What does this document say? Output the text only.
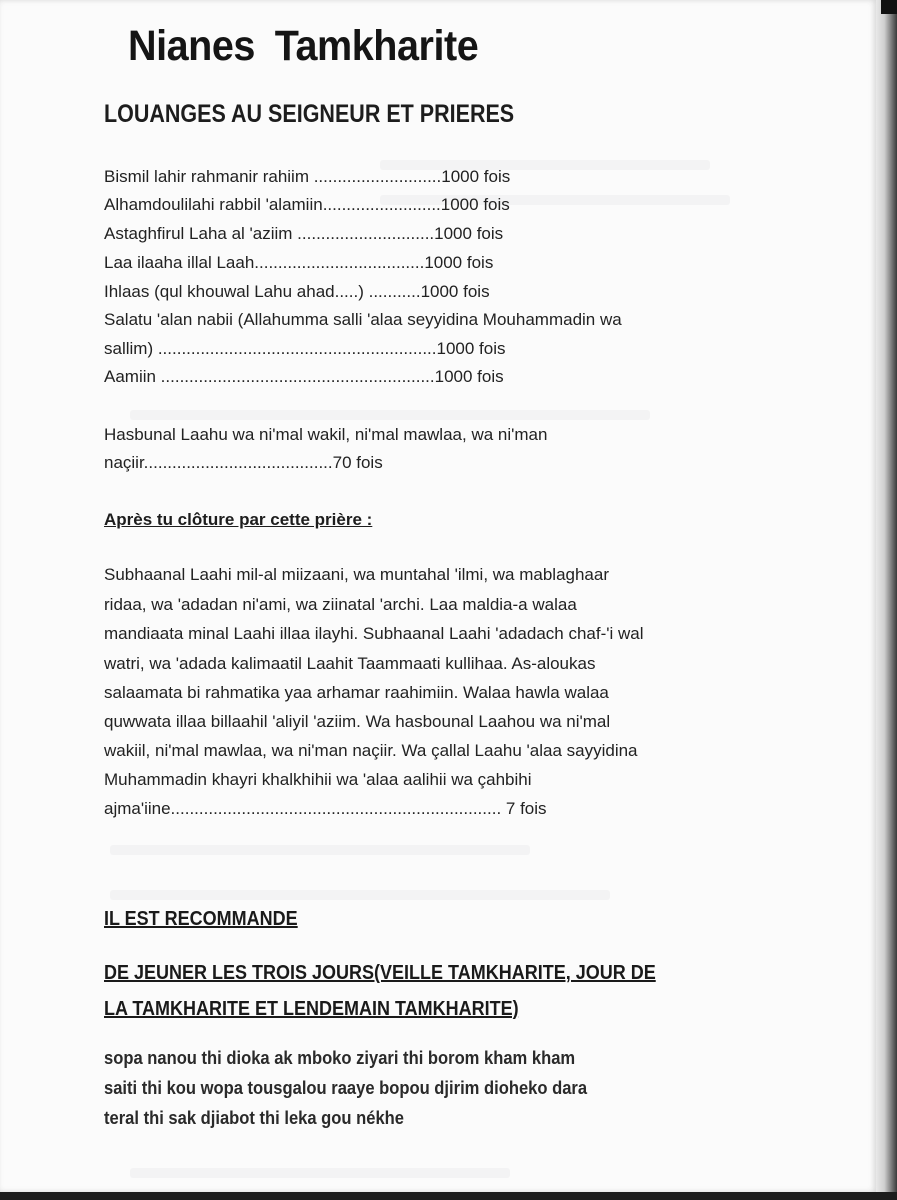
Nianes Tamkharite
LOUANGES AU SEIGNEUR ET PRIERES
Bismil lahir rahmanir rahiim ...........................1000 fois
Alhamdoulilahi rabbil 'alamiin.........................1000 fois
Astaghfirul Laha al 'aziim .............................1000 fois
Laa ilaaha illal Laah....................................1000 fois
Ihlaas (qul khouwal Lahu ahad.....) ...........1000 fois
Salatu 'alan nabii (Allahumma salli 'alaa seyyidina Mouhammadin wa
sallim) ...........................................................1000 fois
Aamiin ..........................................................1000 fois
Hasbunal Laahu wa ni'mal wakil, ni'mal mawlaa, wa ni'man
naçiir........................................70 fois
Après tu clôture par cette prière :
Subhaanal Laahi mil-al miizaani, wa muntahal 'ilmi, wa mablaghaar
ridaa, wa 'adadan ni'ami, wa ziinatal 'archi. Laa maldia-a walaa
mandiaata minal Laahi illaa ilayhi. Subhaanal Laahi 'adadach chaf-'i wal
watri, wa 'adada kalimaatil Laahit Taammaati kullihaa. As-aloukas
salaamata bi rahmatika yaa arhamar raahimiin. Walaa hawla walaa
quwwata illaa billaahil 'aliyil 'aziim. Wa hasbounal Laahou wa ni'mal
wakiil, ni'mal mawlaa, wa ni'man naçiir. Wa çallal Laahu 'alaa sayyidina
Muhammadin khayri khalkhihii wa 'alaa aalihii wa çahbihi
ajma'iine...................................................................... 7 fois
IL EST RECOMMANDE
DE JEUNER LES TROIS JOURS(VEILLE TAMKHARITE, JOUR DE
LA TAMKHARITE ET LENDEMAIN TAMKHARITE)
sopa nanou thi dioka ak mboko ziyari thi borom kham kham
saiti thi kou wopa tousgalou raaye bopou djirim dioheko dara
teral thi sak djiabot thi leka gou nékhe
